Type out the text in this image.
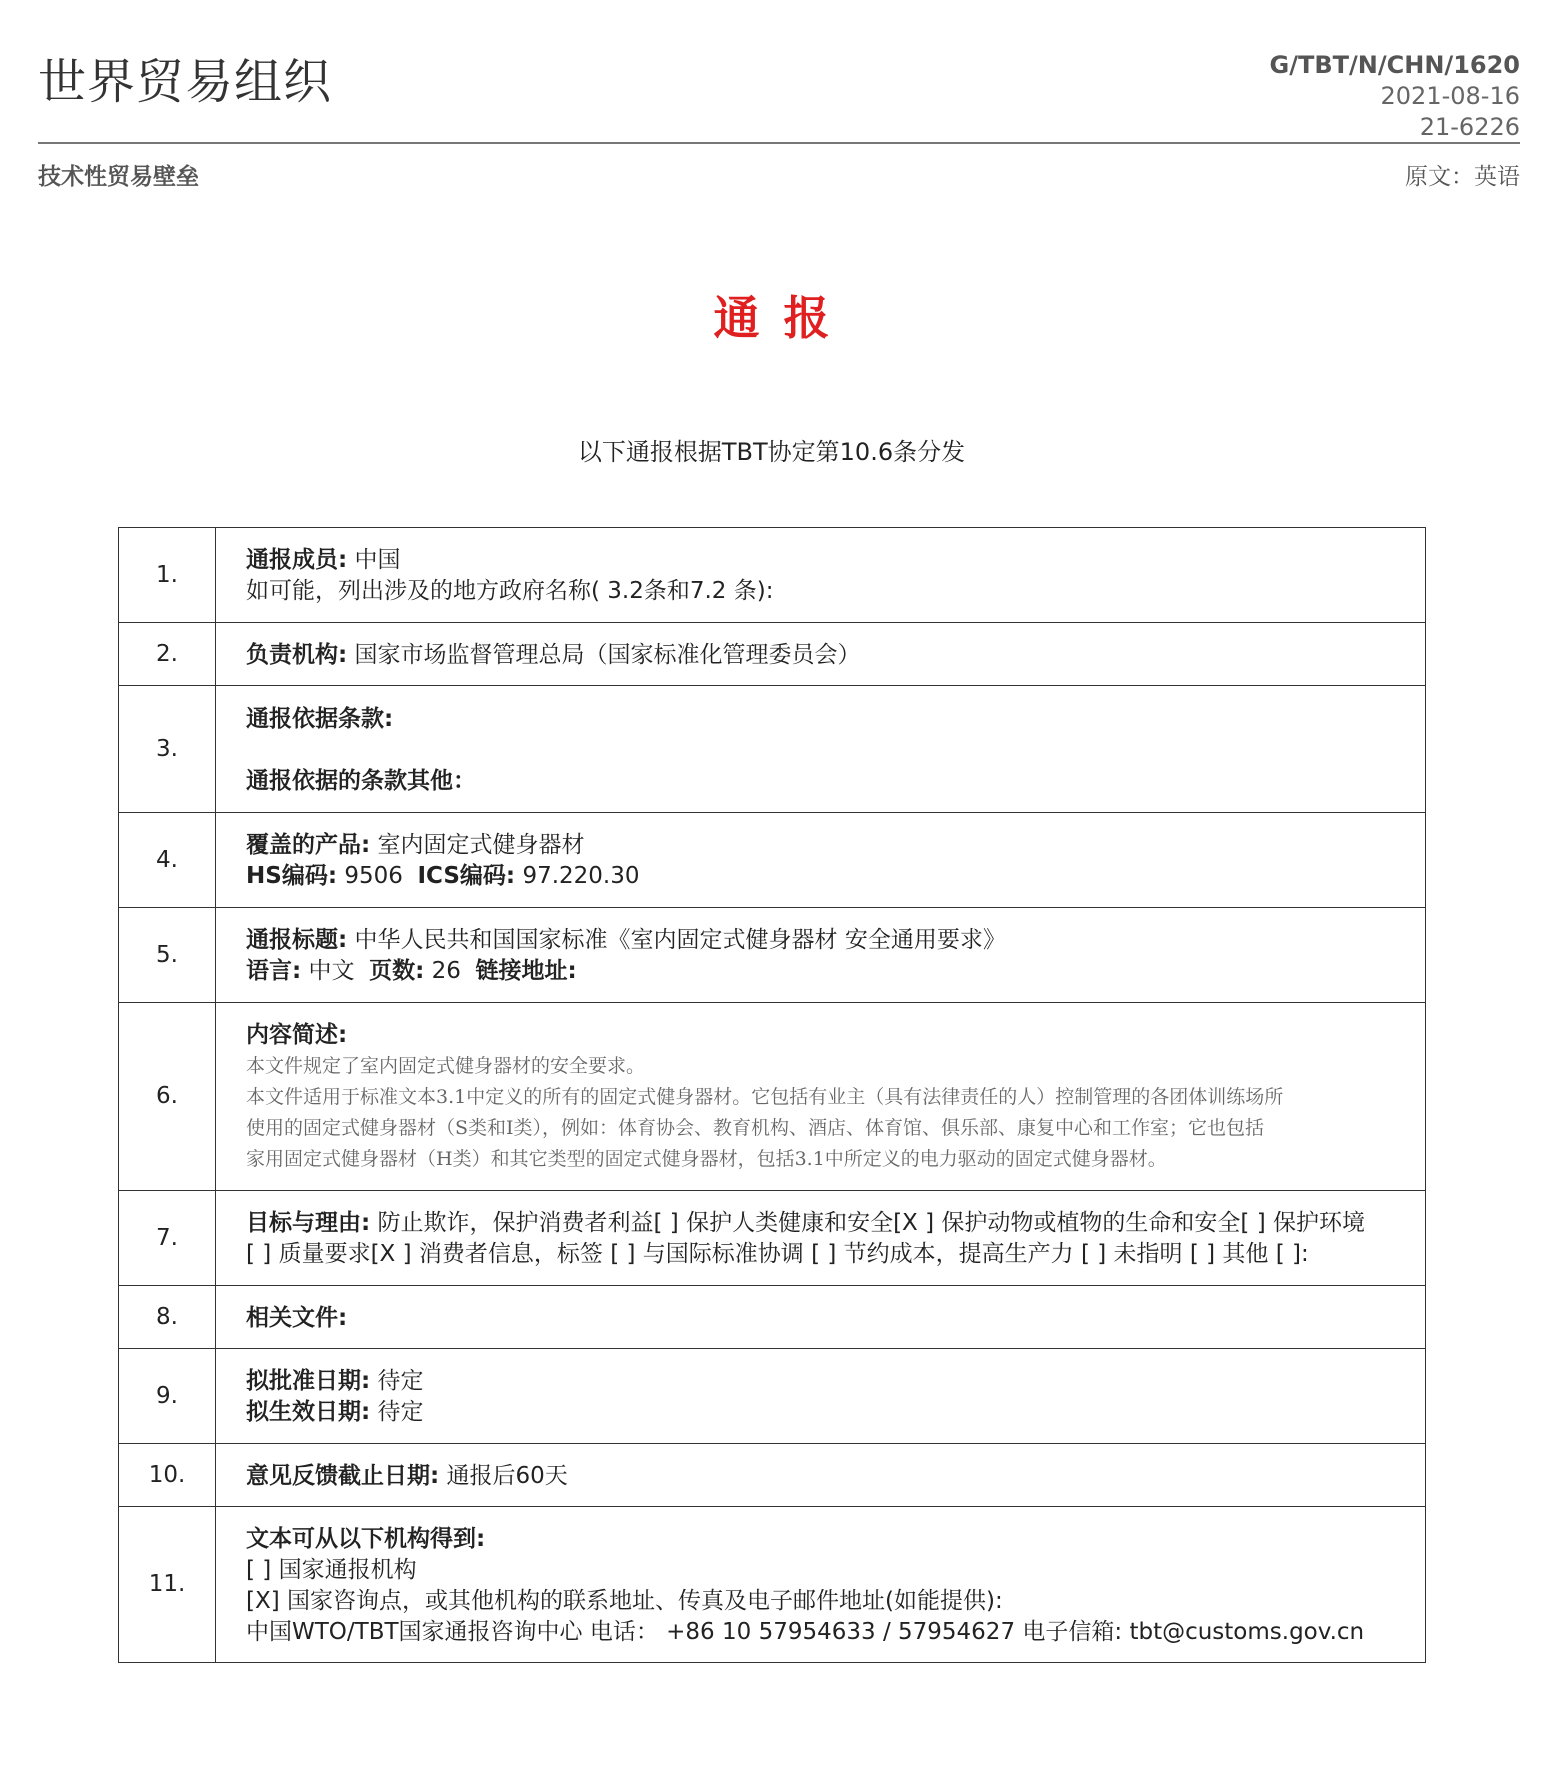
世界贸易组织	G/TBT/N/CHN/1620
2021-08-16
21-6226
技术性贸易壁垒	原文：英语
通报
以下通报根据TBT协定第10.6条分发
1.	通报成员: 中国
如可能，列出涉及的地方政府名称( 3.2条和7.2 条):

2.	负责机构: 国家市场监督管理总局（国家标准化管理委员会）

3.	通报依据条款:
通报依据的条款其他：

4.	覆盖的产品: 室内固定式健身器材
HS编码: 9506 ICS编码: 97.220.30

5.	通报标题: 中华人民共和国国家标准《室内固定式健身器材 安全通用要求》
语言: 中文 页数: 26 链接地址:

6.	内容简述:
本文件规定了室内固定式健身器材的安全要求。
本文件适用于标准文本3.1中定义的所有的固定式健身器材。它包括有业主（具有法律责任的人）控制管理的各团体训练场所
使用的固定式健身器材（S类和I类），例如：体育协会、教育机构、酒店、体育馆、俱乐部、康复中心和工作室；它也包括
家用固定式健身器材（H类）和其它类型的固定式健身器材，包括3.1中所定义的电力驱动的固定式健身器材。

7.	目标与理由: 防止欺诈，保护消费者利益[ ] 保护人类健康和安全[X ] 保护动物或植物的生命和安全[ ] 保护环境
[ ] 质量要求[X ] 消费者信息，标签 [ ] 与国际标准协调 [ ] 节约成本，提高生产力 [ ] 未指明 [ ] 其他 [ ]:

8.	相关文件:

9.	拟批准日期: 待定
拟生效日期: 待定

10.	意见反馈截止日期: 通报后60天

11.	文本可从以下机构得到:
[ ] 国家通报机构
[X] 国家咨询点，或其他机构的联系地址、传真及电子邮件地址(如能提供):
中国WTO/TBT国家通报咨询中心 电话： +86 10 57954633 / 57954627 电子信箱: tbt@customs.gov.cn
